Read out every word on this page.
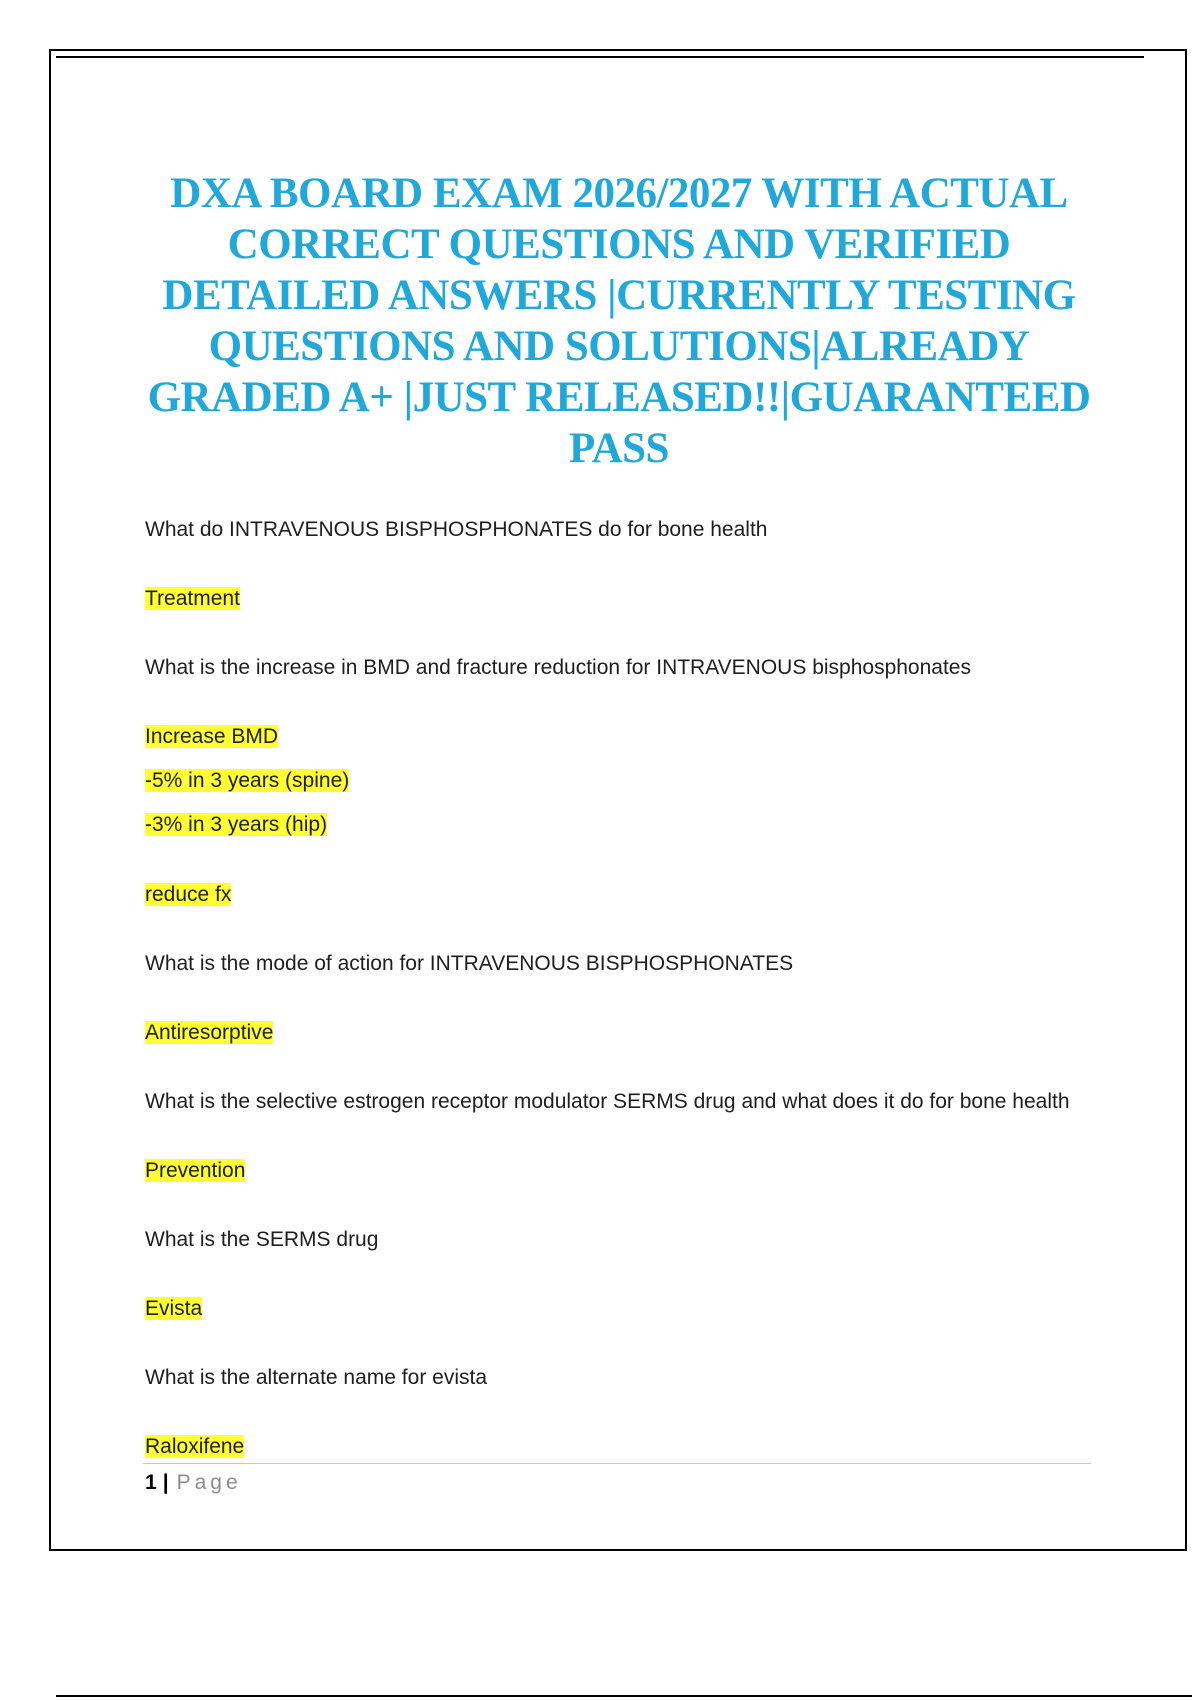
DXA BOARD EXAM 2026/2027 WITH ACTUAL CORRECT QUESTIONS AND VERIFIED DETAILED ANSWERS |CURRENTLY TESTING QUESTIONS AND SOLUTIONS|ALREADY GRADED A+ |JUST RELEASED!!|GUARANTEED PASS

What do INTRAVENOUS BISPHOSPHONATES do for bone health

Treatment

What is the increase in BMD and fracture reduction for INTRAVENOUS bisphosphonates

Increase BMD
-5% in 3 years (spine)
-3% in 3 years (hip)
reduce fx

What is the mode of action for INTRAVENOUS BISPHOSPHONATES

Antiresorptive

What is the selective estrogen receptor modulator SERMS drug and what does it do for bone health

Prevention

What is the SERMS drug

Evista

What is the alternate name for evista

Raloxifene
1 | Page
